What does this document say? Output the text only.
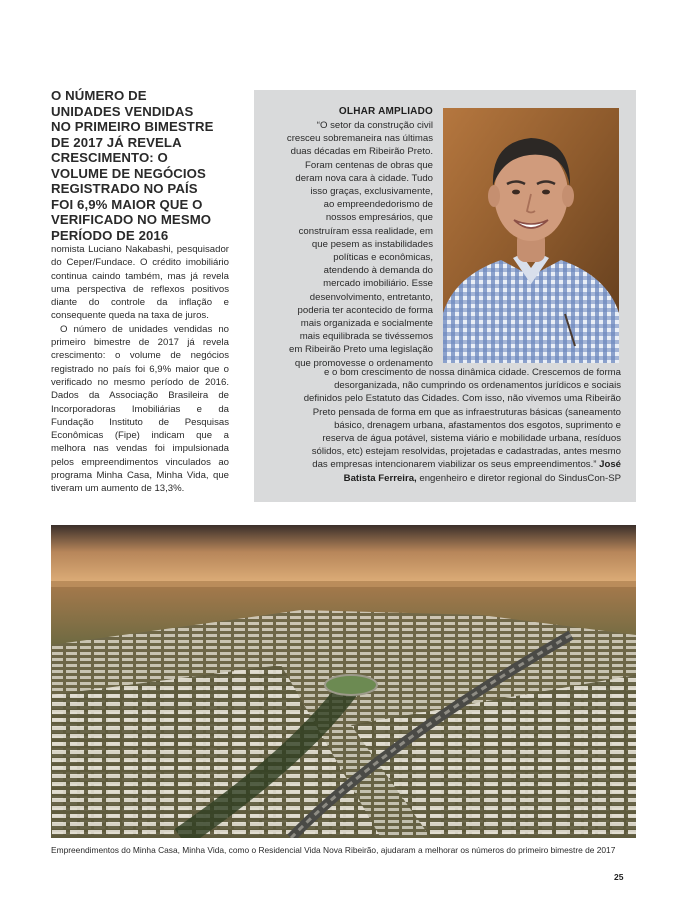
O NÚMERO DE
UNIDADES VENDIDAS
NO PRIMEIRO BIMESTRE
DE 2017 JÁ REVELA
CRESCIMENTO: O
VOLUME DE NEGÓCIOS
REGISTRADO NO PAÍS
FOI 6,9% MAIOR QUE O
VERIFICADO NO MESMO
PERÍODO DE 2016

nomista Luciano Nakabashi, pesquisador do Ceper/Fundace. O crédito imobiliário continua caindo também, mas já revela uma perspectiva de reflexos positivos diante do controle da inflação e consequente queda na taxa de juros.

O número de unidades vendidas no primeiro bimestre de 2017 já revela crescimento: o volume de negócios registrado no país foi 6,9% maior que o verificado no mesmo período de 2016. Dados da Associação Brasileira de Incorporadoras Imobiliárias e da Fundação Instituto de Pesquisas Econômicas (Fipe) indicam que a melhora nas vendas foi impulsionada pelos empreendimentos vinculados ao programa Minha Casa, Minha Vida, que tiveram um aumento de 13,3%.

OLHAR AMPLIADO
“O setor da construção civil
cresceu sobremaneira nas últimas
duas décadas em Ribeirão Preto.
Foram centenas de obras que
deram nova cara à cidade. Tudo
isso graças, exclusivamente,
ao empreendedorismo de
nossos empresários, que
construíram essa realidade, em
que pesem as instabilidades
políticas e econômicas,
atendendo à demanda do
mercado imobiliário. Esse
desenvolvimento, entretanto,
poderia ter acontecido de forma
mais organizada e socialmente
mais equilibrada se tivéssemos
em Ribeirão Preto uma legislação
que promovesse o ordenamento
e o bom crescimento de nossa dinâmica cidade. Crescemos de forma
desorganizada, não cumprindo os ordenamentos jurídicos e sociais
definidos pelo Estatuto das Cidades. Com isso, não vivemos uma Ribeirão
Preto pensada de forma em que as infraestruturas básicas (saneamento
básico, drenagem urbana, afastamentos dos esgotos, suprimento e
reserva de água potável, sistema viário e mobilidade urbana, resíduos
sólidos, etc) estejam resolvidas, projetadas e cadastradas, antes mesmo
das empresas intencionarem viabilizar os seus empreendimentos.” José
Batista Ferreira, engenheiro e diretor regional do SindusCon-SP
Empreendimentos do Minha Casa, Minha Vida, como o Residencial Vida Nova Ribeirão, ajudaram a melhorar os números do primeiro bimestre de 2017
25
